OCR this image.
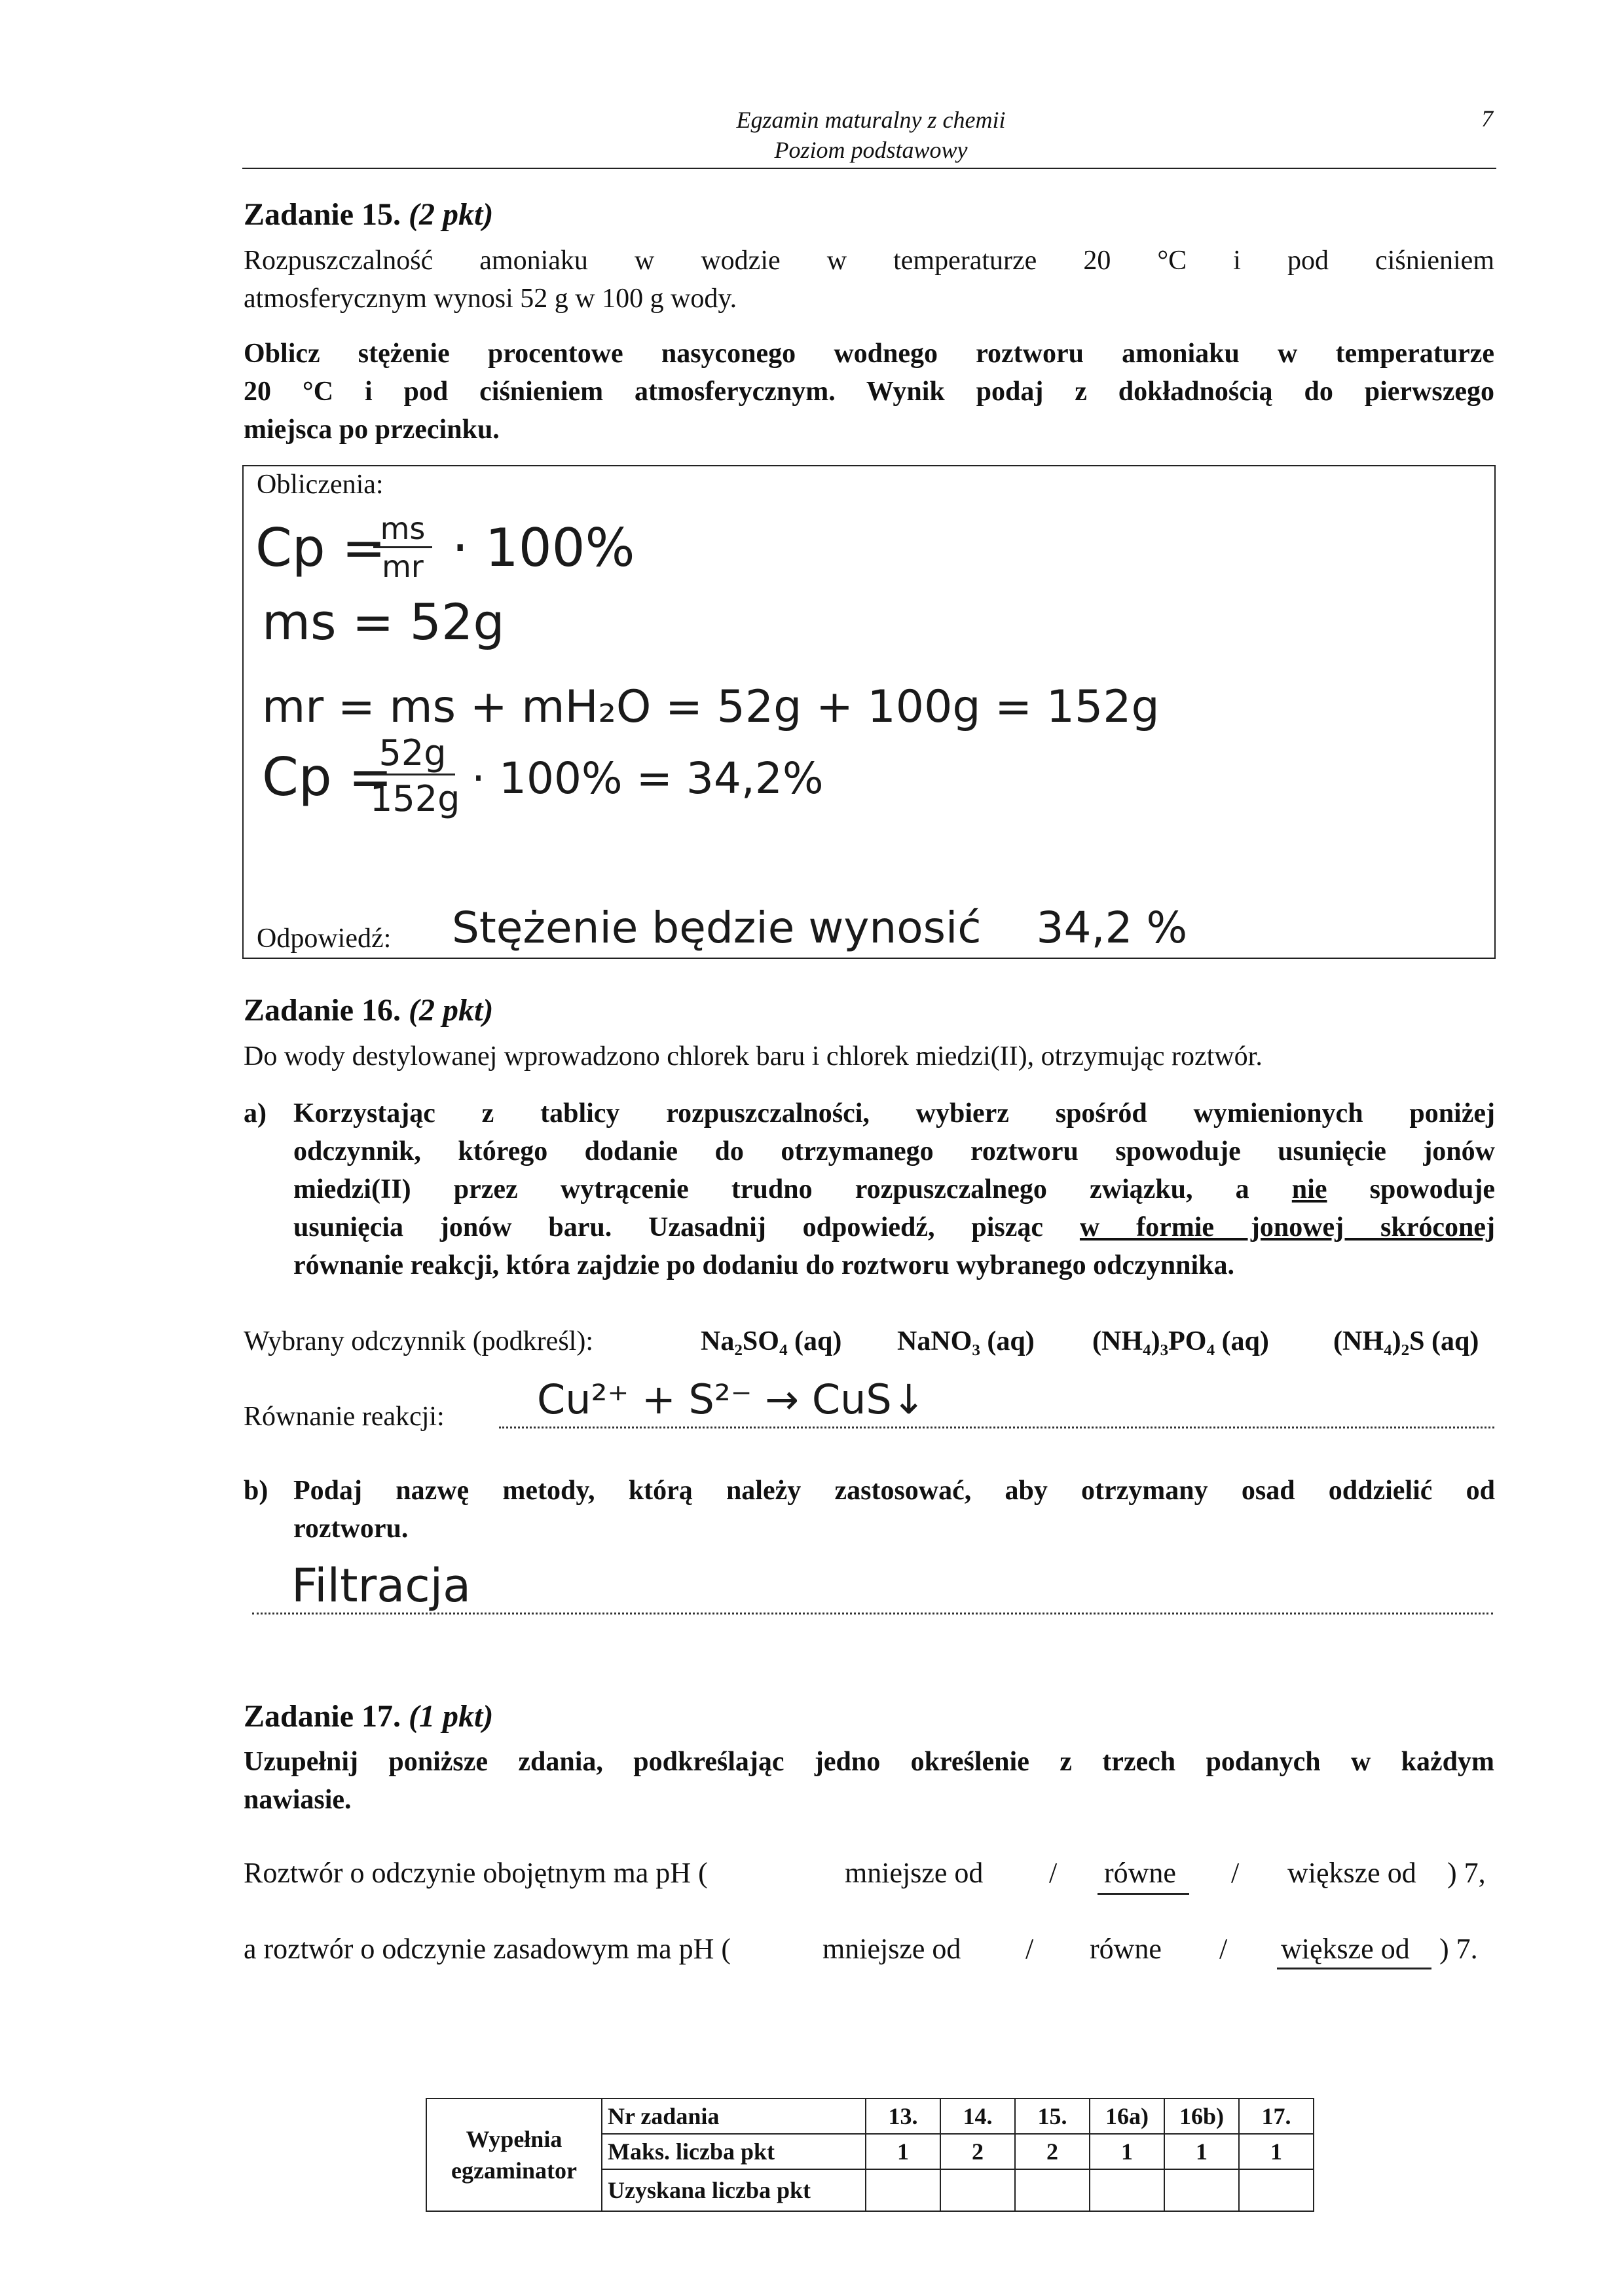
Egzamin maturalny z chemii
Poziom podstawowy
7
Zadanie 15. (2 pkt)
Rozpuszczalność amoniaku w wodzie w temperaturze 20 °C i pod ciśnieniem
atmosferycznym wynosi 52 g w 100 g wody.
Oblicz stężenie procentowe nasyconego wodnego roztworu amoniaku w temperaturze
20 °C i pod ciśnieniem atmosferycznym. Wynik podaj z dokładnością do pierwszego
miejsca po przecinku.
Obliczenia:
Cp =
ms
mr · 100%
ms = 52g
mr = ms + mH₂O = 52g + 100g = 152g
Cp =
52g
152g · 100% = 34,2%
Odpowiedź: Stężenie będzie wynosić    34,2 %
Zadanie 16. (2 pkt)
Do wody destylowanej wprowadzono chlorek baru i chlorek miedzi(II), otrzymując roztwór.
a) Korzystając z tablicy rozpuszczalności, wybierz spośród wymienionych poniżej
odczynnik, którego dodanie do otrzymanego roztworu spowoduje usunięcie jonów
miedzi(II) przez wytrącenie trudno rozpuszczalnego związku, a nie spowoduje
usunięcia jonów baru. Uzasadnij odpowiedź, pisząc w formie jonowej skróconej
równanie reakcji, która zajdzie po dodaniu do roztworu wybranego odczynnika.
Wybrany odczynnik (podkreśl):	Na₂SO₄ (aq) NaNO₃ (aq) (NH₄)₃PO₄ (aq) (NH₄)₂S (aq)
Równanie reakcji: Cu²⁺ + S²⁻ → CuS↓
b) Podaj nazwę metody, którą należy zastosować, aby otrzymany osad oddzielić od
roztworu.
Filtracja
Zadanie 17. (1 pkt)
Uzupełnij poniższe zdania, podkreślając jedno określenie z trzech podanych w każdym
nawiasie.
Roztwór o odczynie obojętnym ma pH (	mniejsze od / równe / większe od ) 7,
a roztwór o odczynie zasadowym ma pH (	mniejsze od / równe / większe od ) 7.
Wypełnia
egzaminator	Nr zadania	13.	14.	15.	16a)	16b)	17.
	Maks. liczba pkt	1	2	2	1	1	1
	Uzyskana liczba pkt						
